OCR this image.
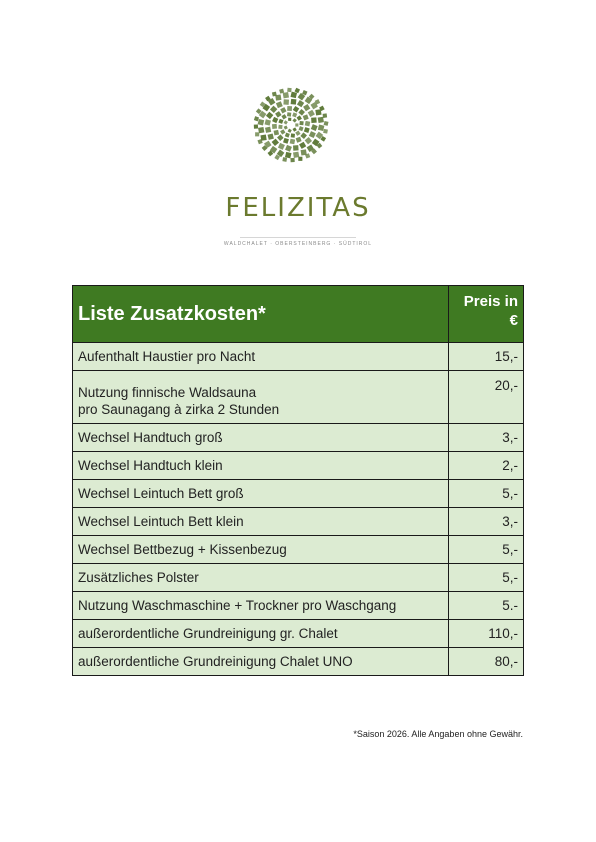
FELIZITAS
WALDCHALET · OBERSTEINBERG · SÜDTIROL
Liste Zusatzkosten*	Preis in €
Aufenthalt Haustier pro Nacht	15,-
Nutzung finnische Waldsauna
pro Saunagang à zirka 2 Stunden	20,-
Wechsel Handtuch groß	3,-
Wechsel Handtuch klein	2,-
Wechsel Leintuch Bett groß	5,-
Wechsel Leintuch Bett klein	3,-
Wechsel Bettbezug + Kissenbezug	5,-
Zusätzliches Polster	5,-
Nutzung Waschmaschine + Trockner pro Waschgang	5.-
außerordentliche Grundreinigung gr. Chalet	110,-
außerordentliche Grundreinigung Chalet UNO	80,-
*Saison 2026. Alle Angaben ohne Gewähr.
